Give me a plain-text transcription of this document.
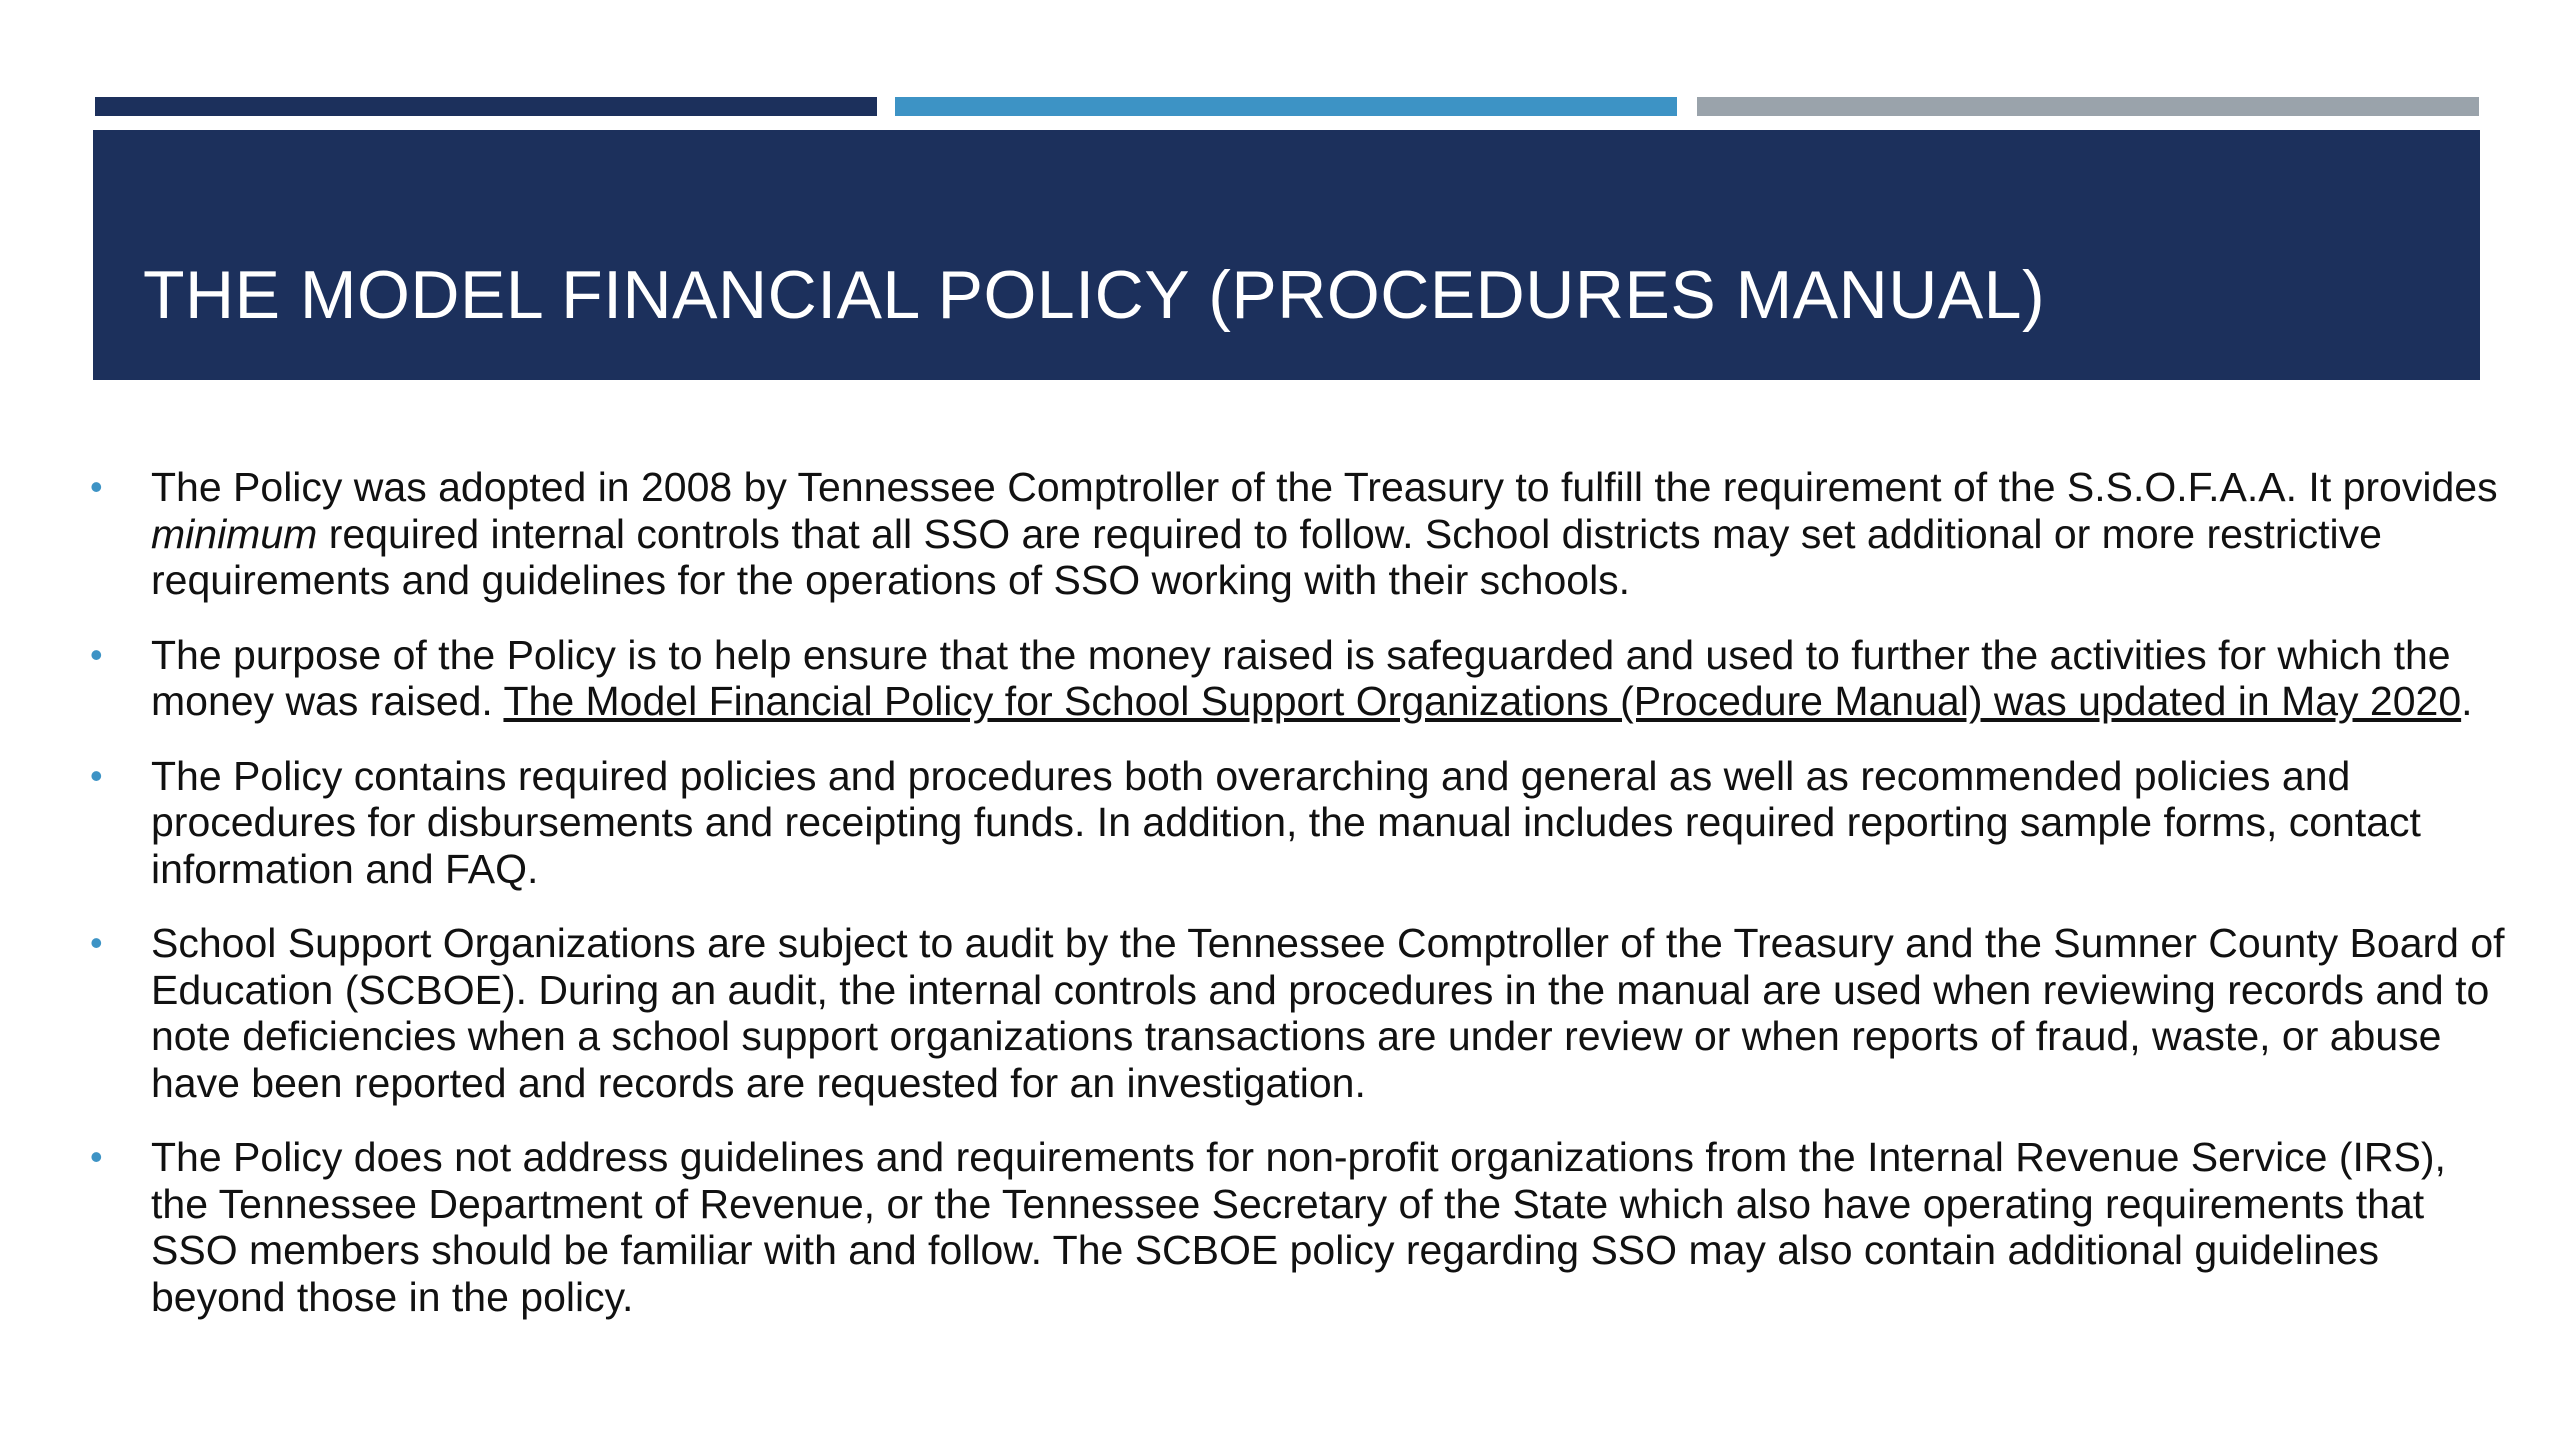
THE MODEL FINANCIAL POLICY (PROCEDURES MANUAL)
• The Policy was adopted in 2008 by Tennessee Comptroller of the Treasury to fulfill the requirement of the S.S.O.F.A.A. It provides minimum required internal controls that all SSO are required to follow. School districts may set additional or more restrictive requirements and guidelines for the operations of SSO working with their schools.
• The purpose of the Policy is to help ensure that the money raised is safeguarded and used to further the activities for which the money was raised. The Model Financial Policy for School Support Organizations (Procedure Manual) was updated in May 2020.
• The Policy contains required policies and procedures both overarching and general as well as recommended policies and procedures for disbursements and receipting funds. In addition, the manual includes required reporting sample forms, contact information and FAQ.
• School Support Organizations are subject to audit by the Tennessee Comptroller of the Treasury and the Sumner County Board of Education (SCBOE). During an audit, the internal controls and procedures in the manual are used when reviewing records and to note deficiencies when a school support organizations transactions are under review or when reports of fraud, waste, or abuse have been reported and records are requested for an investigation.
• The Policy does not address guidelines and requirements for non-profit organizations from the Internal Revenue Service (IRS), the Tennessee Department of Revenue, or the Tennessee Secretary of the State which also have operating requirements that SSO members should be familiar with and follow. The SCBOE policy regarding SSO may also contain additional guidelines beyond those in the policy.
